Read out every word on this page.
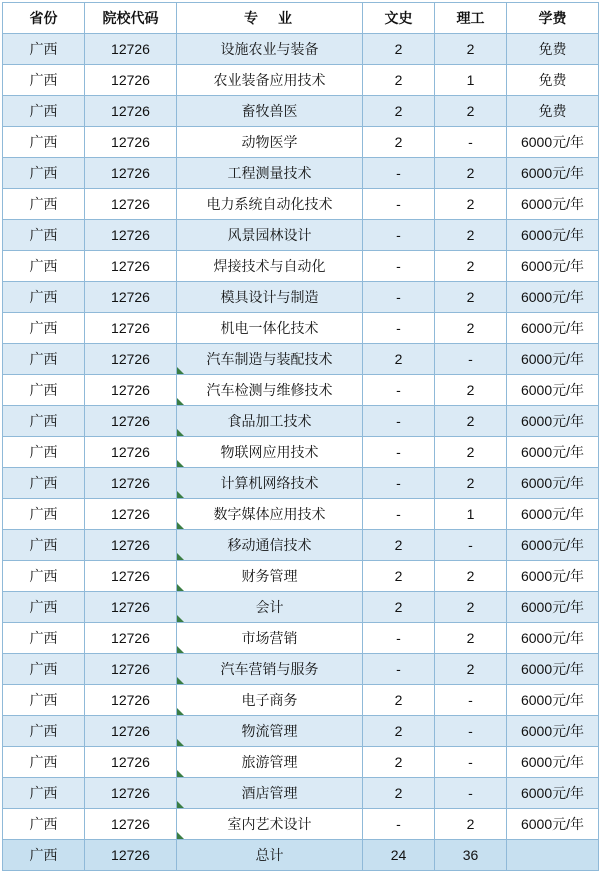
省份	院校代码	专　业	文史	理工	学费
广西	12726	设施农业与装备	2	2	免费
广西	12726	农业装备应用技术	2	1	免费
广西	12726	畜牧兽医	2	2	免费
广西	12726	动物医学	2	-	6000元/年
广西	12726	工程测量技术	-	2	6000元/年
广西	12726	电力系统自动化技术	-	2	6000元/年
广西	12726	风景园林设计	-	2	6000元/年
广西	12726	焊接技术与自动化	-	2	6000元/年
广西	12726	模具设计与制造	-	2	6000元/年
广西	12726	机电一体化技术	-	2	6000元/年
广西	12726	汽车制造与装配技术	2	-	6000元/年
广西	12726	汽车检测与维修技术	-	2	6000元/年
广西	12726	食品加工技术	-	2	6000元/年
广西	12726	物联网应用技术	-	2	6000元/年
广西	12726	计算机网络技术	-	2	6000元/年
广西	12726	数字媒体应用技术	-	1	6000元/年
广西	12726	移动通信技术	2	-	6000元/年
广西	12726	财务管理	2	2	6000元/年
广西	12726	会计	2	2	6000元/年
广西	12726	市场营销	-	2	6000元/年
广西	12726	汽车营销与服务	-	2	6000元/年
广西	12726	电子商务	2	-	6000元/年
广西	12726	物流管理	2	-	6000元/年
广西	12726	旅游管理	2	-	6000元/年
广西	12726	酒店管理	2	-	6000元/年
广西	12726	室内艺术设计	-	2	6000元/年
广西	12726	总计	24	36	
